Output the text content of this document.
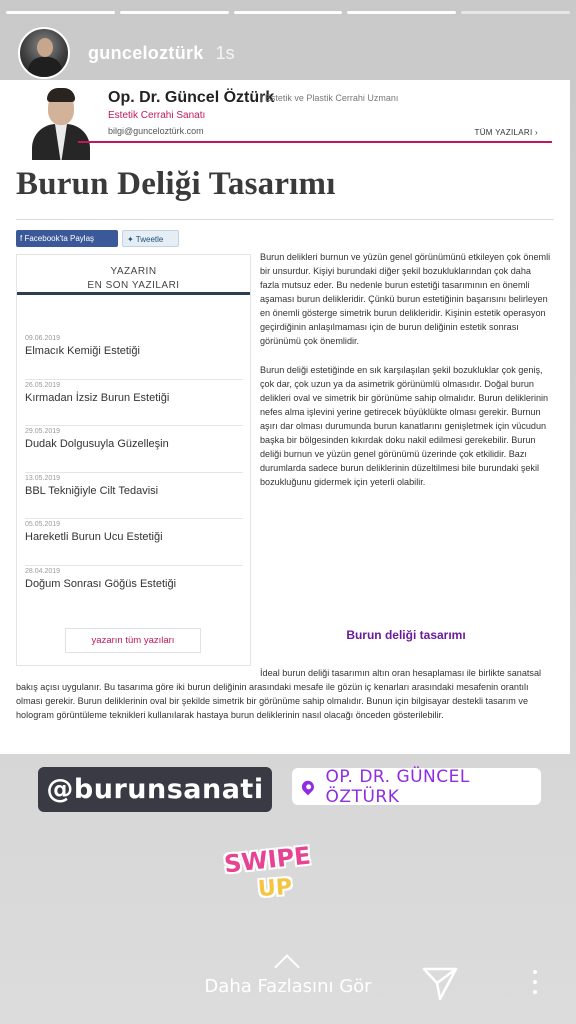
gunceloztürk 1s
Op. Dr. Güncel Öztürk
| Estetik ve Plastik Cerrahi Uzmanı
Estetik Cerrahi Sanatı
bilgi@gunceloztürk.com	TÜM YAZILARI ›
Burun Deliği Tasarımı
f Facebook'ta Paylaş	✦ Tweetle
YAZARIN
EN SON YAZILARI
09.06.2019
Elmacık Kemiği Estetiği
26.05.2019
Kırmadan İzsiz Burun Estetiği
29.05.2019
Dudak Dolgusuyla Güzelleşin
13.05.2019
BBL Tekniğiyle Cilt Tedavisi
05.05.2019
Hareketli Burun Ucu Estetiği
28.04.2019
Doğum Sonrası Göğüs Estetiği
yazarın tüm yazıları

Burun delikleri burnun ve yüzün genel görünümünü etkileyen çok önemli bir unsurdur. Kişiyi burundaki diğer şekil bozukluklarından çok daha fazla mutsuz eder. Bu nedenle burun estetiği tasarımının en önemli aşaması burun delikleridir. Çünkü burun estetiğinin başarısını belirleyen en önemli gösterge simetrik burun delikleridir. Kişinin estetik operasyon geçirdiğinin anlaşılmaması için de burun deliğinin estetik sonrası görünümü çok önemlidir.

Burun deliği estetiğinde en sık karşılaşılan şekil bozukluklar çok geniş, çok dar, çok uzun ya da asimetrik görünümlü olmasıdır. Doğal burun delikleri oval ve simetrik bir görünüme sahip olmalıdır. Burun deliklerinin nefes alma işlevini yerine getirecek büyüklükte olması gerekir. Burnun aşırı dar olması durumunda burun kanatlarını genişletmek için vücudun başka bir bölgesinden kıkırdak doku nakil edilmesi gerekebilir. Burun deliği burnun ve yüzün genel görünümü üzerinde çok etkilidir. Bazı durumlarda sadece burun deliklerinin düzeltilmesi bile burundaki şekil bozukluğunu gidermek için yeterli olabilir.

Burun deliği tasarımı

İdeal burun deliği tasarımın altın oran hesaplaması ile birlikte sanatsal bakış açısı uygulanır. Bu tasarıma göre iki burun deliğinin arasındaki mesafe ile gözün iç kenarları arasındaki mesafenin orantılı olması gerekir. Burun deliklerinin oval bir şekilde simetrik bir görünüme sahip olmalıdır. Bunun için bilgisayar destekli tasarım ve hologram görüntüleme teknikleri kullanılarak hastaya burun deliklerinin nasıl olacağı önceden gösterilebilir.

@burunsanati	OP. DR. GÜNCEL ÖZTÜRK
SWIPE
UP
Daha Fazlasını Gör
